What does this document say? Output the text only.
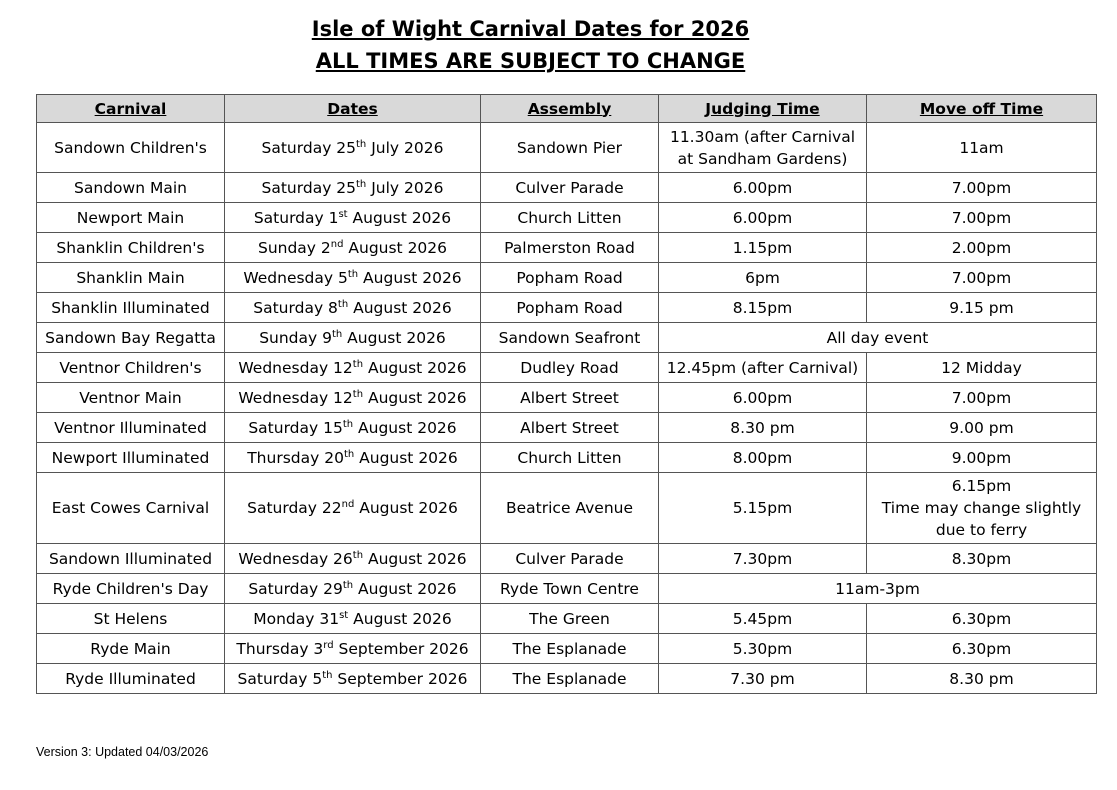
Isle of Wight Carnival Dates for 2026
ALL TIMES ARE SUBJECT TO CHANGE
Carnival	Dates	Assembly	Judging Time	Move off Time
Sandown Children's	Saturday 25th July 2026	Sandown Pier	11.30am (after Carnival
at Sandham Gardens)	11am

Sandown Main	Saturday 25th July 2026	Culver Parade	6.00pm	7.00pm

Newport Main	Saturday 1st August 2026	Church Litten	6.00pm	7.00pm

Shanklin Children's	Sunday 2nd August 2026	Palmerston Road	1.15pm	2.00pm

Shanklin Main	Wednesday 5th August 2026	Popham Road	6pm	7.00pm

Shanklin Illuminated	Saturday 8th August 2026	Popham Road	8.15pm	9.15 pm

Sandown Bay Regatta	Sunday 9th August 2026	Sandown Seafront	All day event	
Ventnor Children's	Wednesday 12th August 2026	Dudley Road	12.45pm (after Carnival)	12 Midday

Ventnor Main	Wednesday 12th August 2026	Albert Street	6.00pm	7.00pm

Ventnor Illuminated	Saturday 15th August 2026	Albert Street	8.30 pm	9.00 pm

Newport Illuminated	Thursday 20th August 2026	Church Litten	8.00pm	9.00pm

East Cowes Carnival	Saturday 22nd August 2026	Beatrice Avenue	5.15pm	6.15pm
Time may change slightly
due to ferry

Sandown Illuminated	Wednesday 26th August 2026	Culver Parade	7.30pm	8.30pm

Ryde Children's Day	Saturday 29th August 2026	Ryde Town Centre	11am-3pm	
St Helens	Monday 31st August 2026	The Green	5.45pm	6.30pm

Ryde Main	Thursday 3rd September 2026	The Esplanade	5.30pm	6.30pm

Ryde Illuminated	Saturday 5th September 2026	The Esplanade	7.30 pm	8.30 pm
Version 3: Updated 04/03/2026
